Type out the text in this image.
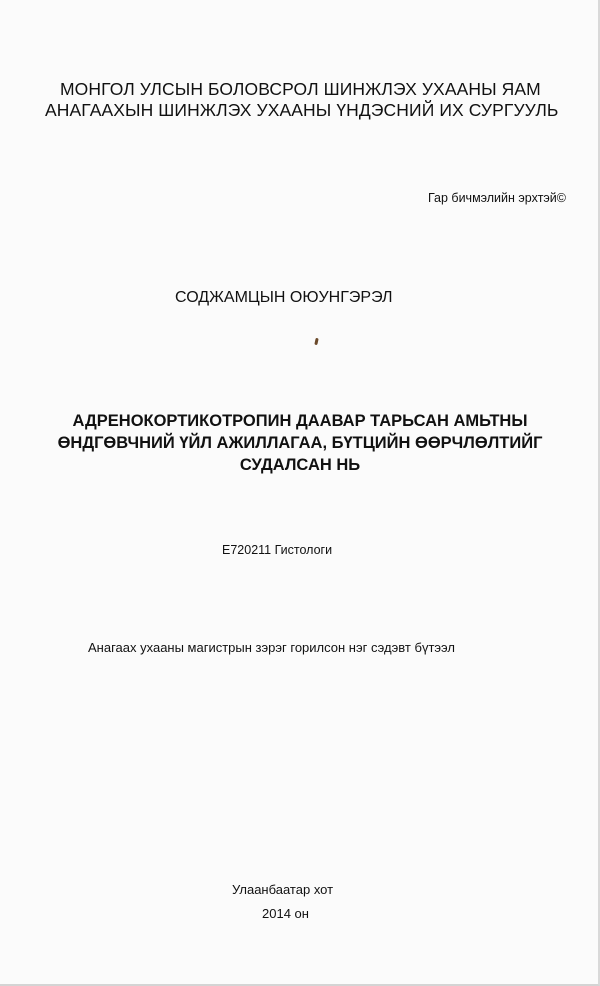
МОНГОЛ УЛСЫН БОЛОВСРОЛ ШИНЖЛЭХ УХААНЫ ЯАМ
АНАГААХЫН ШИНЖЛЭХ УХААНЫ ҮНДЭСНИЙ ИХ СУРГУУЛЬ
Гар бичмэлийн эрхтэй©
СОДЖАМЦЫН ОЮУНГЭРЭЛ
АДРЕНОКОРТИКОТРОПИН ДААВАР ТАРЬСАН АМЬТНЫ
ӨНДГӨВЧНИЙ ҮЙЛ АЖИЛЛАГАА, БҮТЦИЙН ӨӨРЧЛӨЛТИЙГ
СУДАЛСАН НЬ
Е720211 Гистологи
Анагаах ухааны магистрын зэрэг горилсон нэг сэдэвт бүтээл
Улаанбаатар хот
2014 он
